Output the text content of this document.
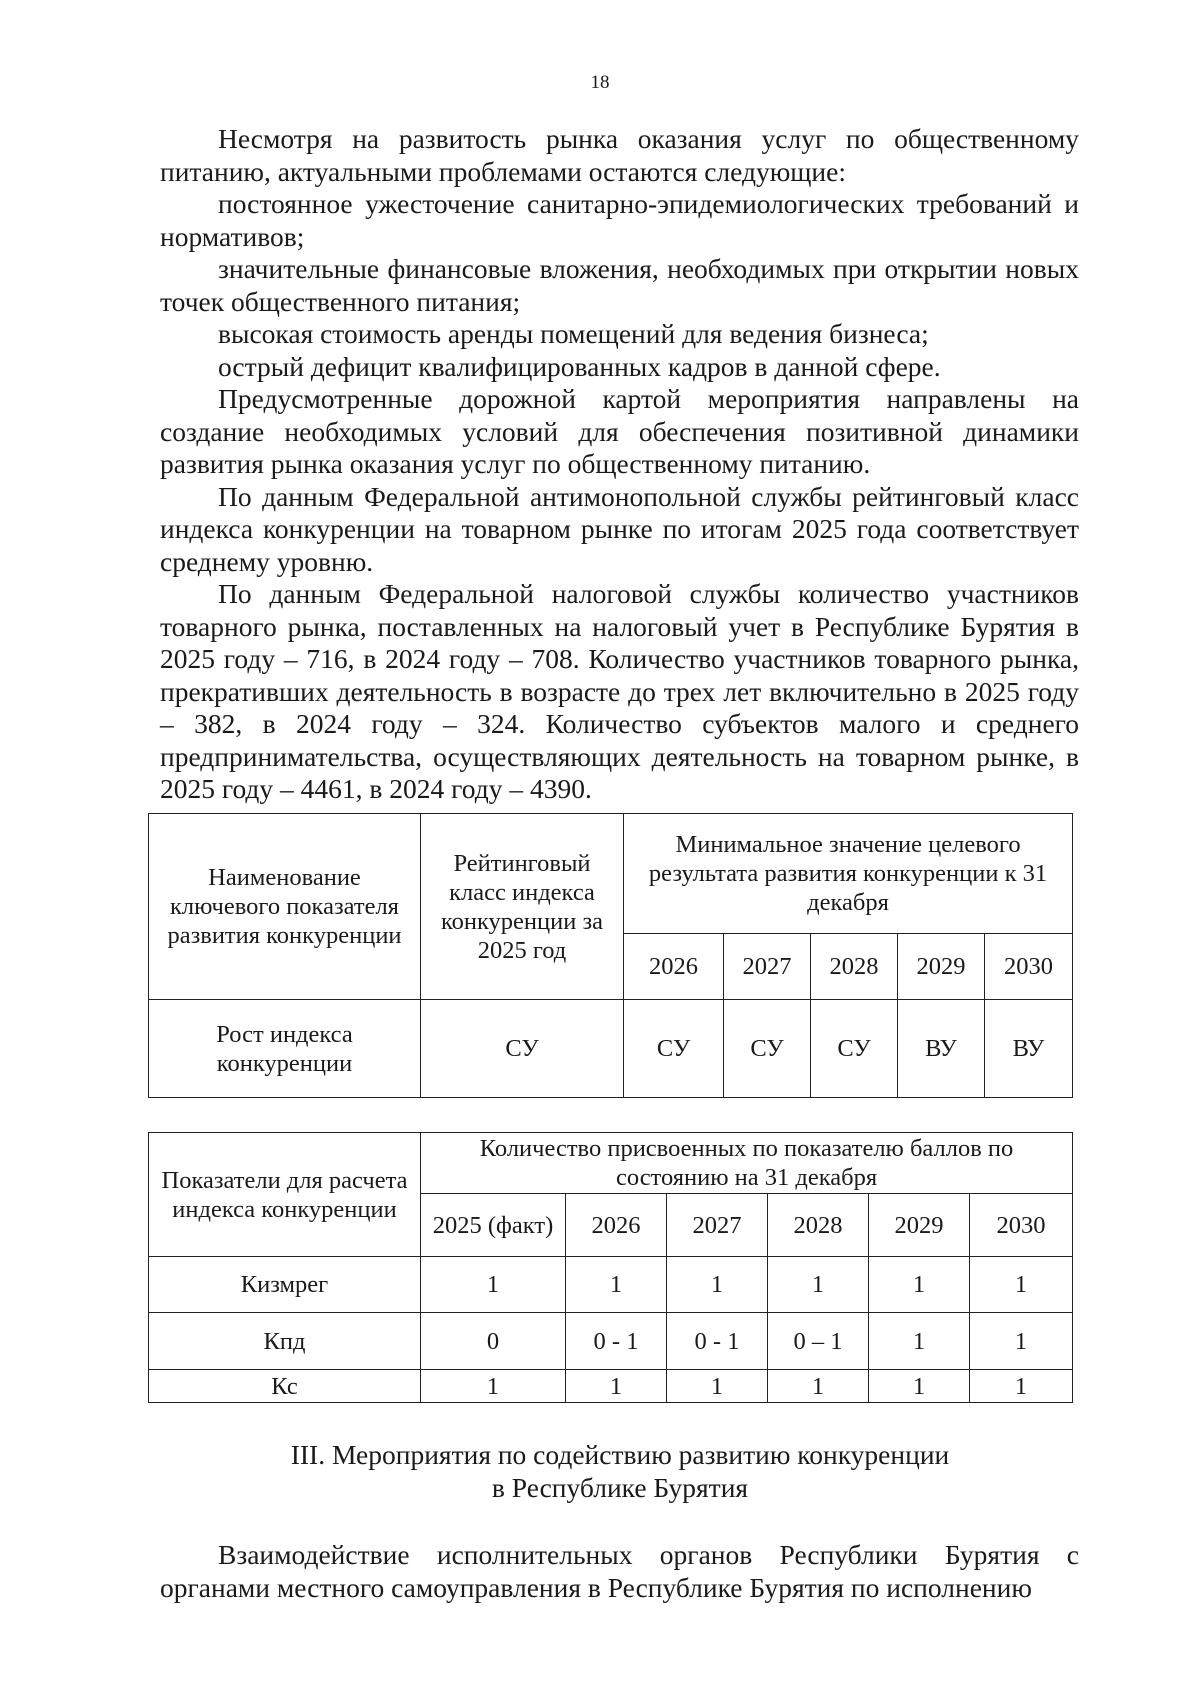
18

Несмотря на развитость рынка оказания услуг по общественному питанию, актуальными проблемами остаются следующие:

постоянное ужесточение санитарно-эпидемиологических требований и нормативов;

значительные финансовые вложения, необходимых при открытии новых точек общественного питания;

высокая стоимость аренды помещений для ведения бизнеса;

острый дефицит квалифицированных кадров в данной сфере.

Предусмотренные дорожной картой мероприятия направлены на создание необходимых условий для обеспечения позитивной динамики развития рынка оказания услуг по общественному питанию.

По данным Федеральной антимонопольной службы рейтинговый класс индекса конкуренции на товарном рынке по итогам 2025 года соответствует среднему уровню.

По данным Федеральной налоговой службы количество участников товарного рынка, поставленных на налоговый учет в Республике Бурятия в 2025 году – 716, в 2024 году – 708. Количество участников товарного рынка, прекративших деятельность в возрасте до трех лет включительно в 2025 году – 382, в 2024 году – 324. Количество субъектов малого и среднего предпринимательства, осуществляющих деятельность на товарном рынке, в 2025 году – 4461, в 2024 году – 4390.

Наименование ключевого показателя развития конкуренции	Рейтинговый класс индекса конкуренции за 2025 год	Минимальное значение целевого результата развития конкуренции к 31 декабря				
		2026	2027	2028	2029	2030
Рост индекса конкуренции	СУ	СУ	СУ	СУ	ВУ	ВУ
Показатели для расчета индекса конкуренции	Количество присвоенных по показателю баллов по состоянию на 31 декабря					
	2025 (факт)	2026	2027	2028	2029	2030
Кизмрег	1	1	1	1	1	1
Кпд	0	0 - 1	0 - 1	0 – 1	1	1
Кс	1	1	1	1	1	1
III. Мероприятия по содействию развитию конкуренции
в Республике Бурятия

Взаимодействие исполнительных органов Республики Бурятия с органами местного самоуправления в Республике Бурятия по исполнению
